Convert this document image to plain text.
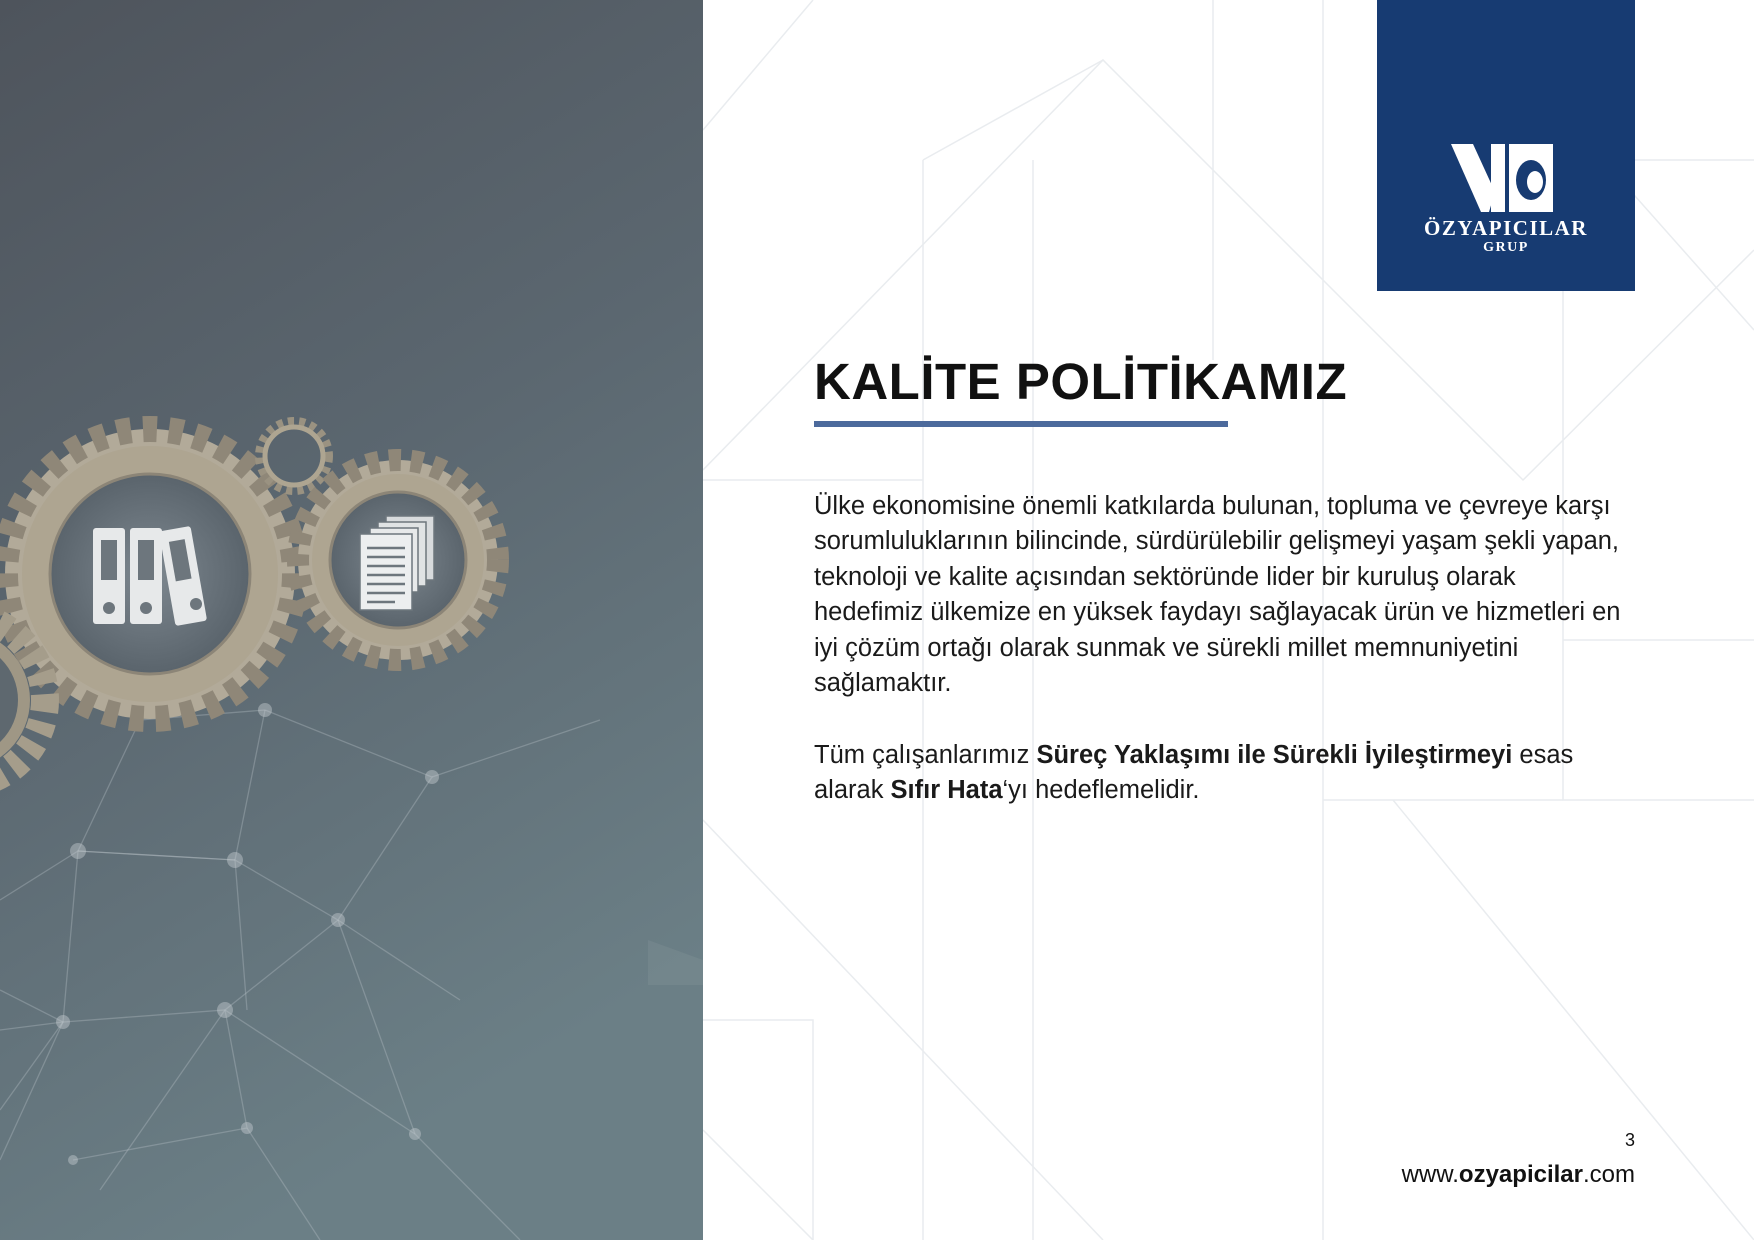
ÖZYAPICILAR
GRUP
KALİTE POLİTİKAMIZ

Ülke ekonomisine önemli katkılarda bulunan, topluma ve çevreye karşı sorumluluklarının bilincinde, sürdürülebilir gelişmeyi yaşam şekli yapan, teknoloji ve kalite açısından sektöründe lider bir kuruluş olarak hedefimiz ülkemize en yüksek faydayı sağlayacak ürün ve hizmetleri en iyi çözüm ortağı olarak sunmak ve sürekli millet memnuniyetini sağlamaktır.

Tüm çalışanlarımız Süreç Yaklaşımı ile Sürekli İyileştirmeyi esas alarak Sıfır Hata‘yı hedeflemelidir.

3
www.ozyapicilar.com
